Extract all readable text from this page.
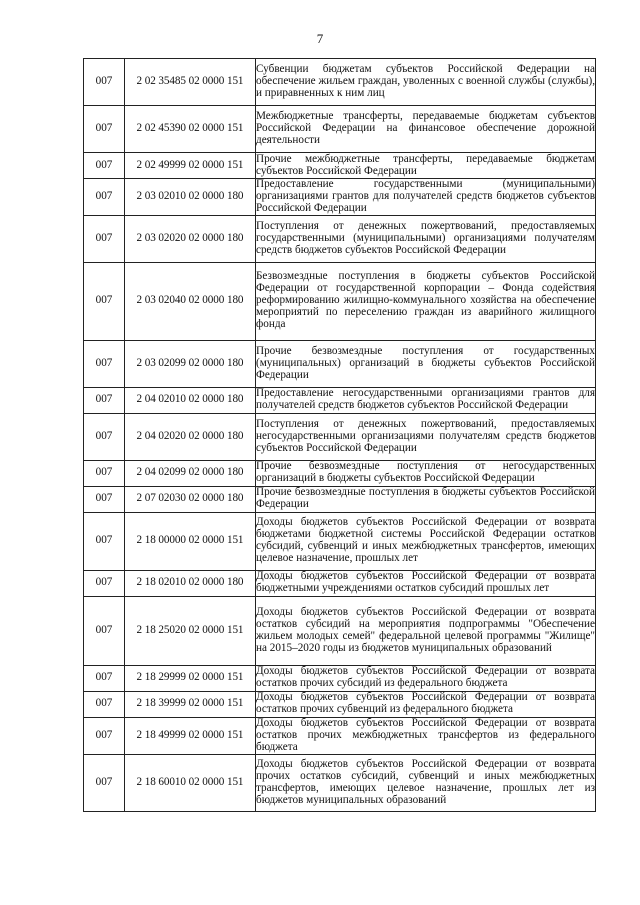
7
007	2 02 35485 02 0000 151	Субвенции бюджетам субъектов Российской Федерации на обеспечение жильем граждан, уволенных с военной службы (службы), и приравненных к ним лиц

007	2 02 45390 02 0000 151	Межбюджетные трансферты, передаваемые бюджетам субъектов Российской Федерации на финансовое обеспечение дорожной деятельности

007	2 02 49999 02 0000 151	Прочие межбюджетные трансферты, передаваемые бюджетам субъектов Российской Федерации

007	2 03 02010 02 0000 180	Предоставление государственными (муниципальными) организациями грантов для получателей средств бюджетов субъектов Российской Федерации

007	2 03 02020 02 0000 180	Поступления от денежных пожертвований, предоставляемых государственными (муниципальными) организациями получателям средств бюджетов субъектов Российской Федерации

007	2 03 02040 02 0000 180	Безвозмездные поступления в бюджеты субъектов Российской Федерации от государственной корпорации – Фонда содействия реформированию жилищно-коммунального хозяйства на обеспечение мероприятий по переселению граждан из аварийного жилищного фонда

007	2 03 02099 02 0000 180	Прочие безвозмездные поступления от государственных (муниципальных) организаций в бюджеты субъектов Российской Федерации

007	2 04 02010 02 0000 180	Предоставление негосударственными организациями грантов для получателей средств бюджетов субъектов Российской Федерации

007	2 04 02020 02 0000 180	Поступления от денежных пожертвований, предоставляемых негосударственными организациями получателям средств бюджетов субъектов Российской Федерации

007	2 04 02099 02 0000 180	Прочие безвозмездные поступления от негосударственных организаций в бюджеты субъектов Российской Федерации

007	2 07 02030 02 0000 180	Прочие безвозмездные поступления в бюджеты субъектов Российской Федерации

007	2 18 00000 02 0000 151	Доходы бюджетов субъектов Российской Федерации от возврата бюджетами бюджетной системы Российской Федерации остатков субсидий, субвенций и иных межбюджетных трансфертов, имеющих целевое назначение, прошлых лет

007	2 18 02010 02 0000 180	Доходы бюджетов субъектов Российской Федерации от возврата бюджетными учреждениями остатков субсидий прошлых лет

007	2 18 25020 02 0000 151	Доходы бюджетов субъектов Российской Федерации от возврата остатков субсидий на мероприятия подпрограммы "Обеспечение жильем молодых семей" федеральной целевой программы "Жилище" на 2015–2020 годы из бюджетов муниципальных образований

007	2 18 29999 02 0000 151	Доходы бюджетов субъектов Российской Федерации от возврата остатков прочих субсидий из федерального бюджета

007	2 18 39999 02 0000 151	Доходы бюджетов субъектов Российской Федерации от возврата остатков прочих субвенций из федерального бюджета

007	2 18 49999 02 0000 151	Доходы бюджетов субъектов Российской Федерации от возврата остатков прочих межбюджетных трансфертов из федерального бюджета

007	2 18 60010 02 0000 151	Доходы бюджетов субъектов Российской Федерации от возврата прочих остатков субсидий, субвенций и иных межбюджетных трансфертов, имеющих целевое назначение, прошлых лет из бюджетов муниципальных образований
